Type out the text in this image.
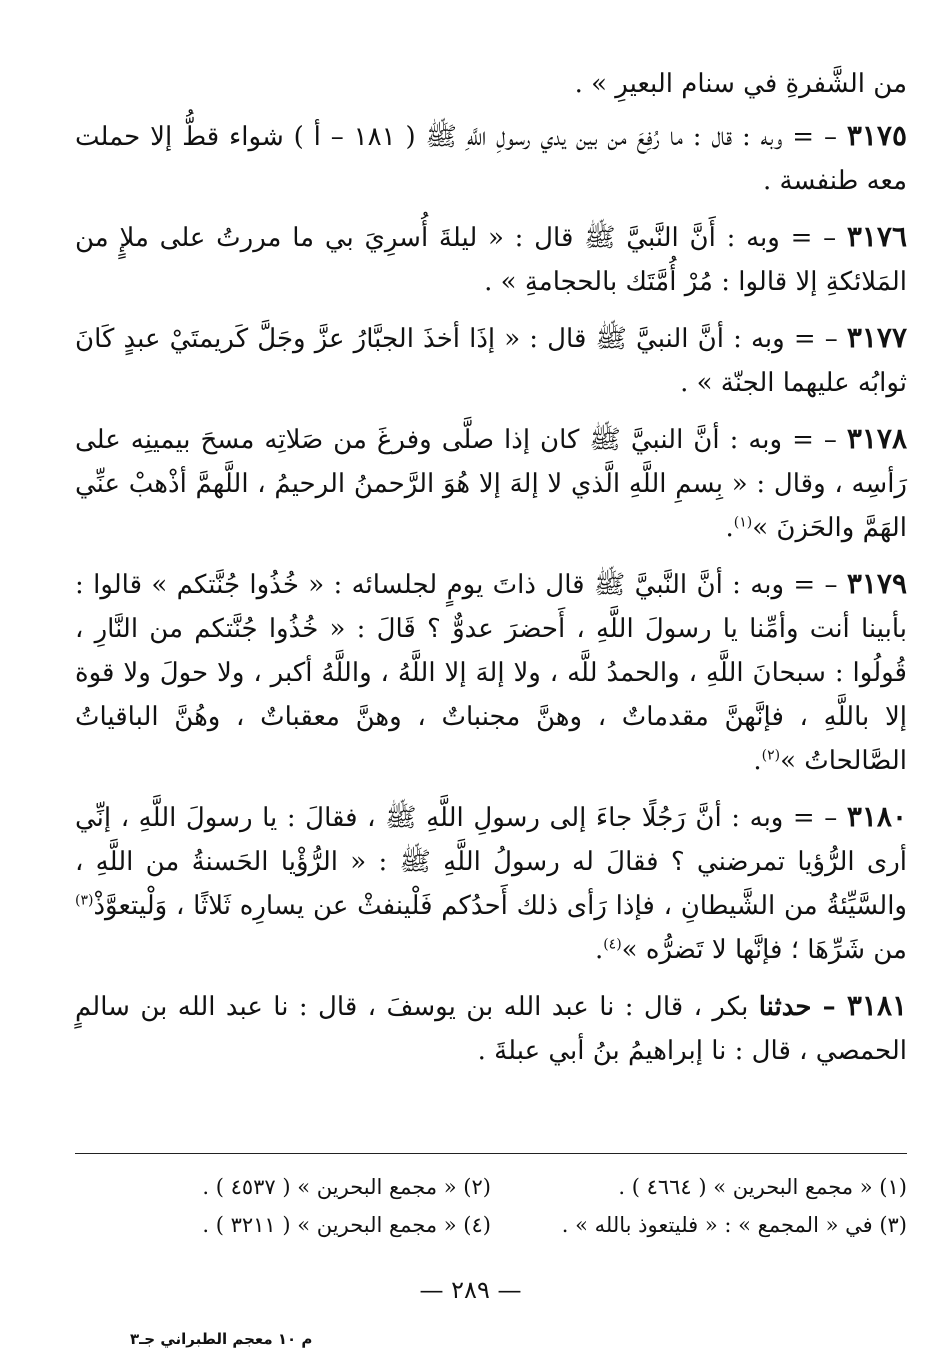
من الشَّفرةِ في سنام البعيرِ » .

٣١٧٥ – = وبه : قال : ما رُفِعَ من بين يدي رسولِ اللَّهِ ﷺ ( ١٨١ – أ ) شواء قطُّ إلا حملت معه طنفسة .

٣١٧٦ – = وبه : أَنَّ النَّبيَّ ﷺ قال : « ليلةَ أُسرِيَ بي ما مررتُ على ملإٍ من المَلائكةِ إلا قالوا : مُرْ أُمَّتَك بالحجامةِ » .

٣١٧٧ – = وبه : أنَّ النبيَّ ﷺ قال : « إذَا أخذَ الجبَّارُ عزَّ وجَلَّ كَريمتَيْ عبدٍ كَانَ ثوابُه عليهما الجنّة » .

٣١٧٨ – = وبه : أنَّ النبيَّ ﷺ كان إذا صلَّى وفرغَ من صَلاتِه مسحَ بيمينِه على رَأسِه ، وقال : « بِسمِ اللَّهِ الَّذي لا إلهَ إلا هُوَ الرَّحمنُ الرحيمُ ، اللَّهمَّ أذْهبْ عنِّي الهَمَّ والحَزنَ »$^{(١)}$.

٣١٧٩ – = وبه : أنَّ النَّبيَّ ﷺ قال ذاتَ يومٍ لجلسائه : « خُذُوا جُنَّتكم » قالوا : بأبينا أنت وأمِّنا يا رسولَ اللَّهِ ، أَحضرَ عدوٌّ ؟ قَالَ : « خُذُوا جُنَّتكم من النَّارِ ، قُولُوا : سبحانَ اللَّهِ ، والحمدُ للَّه ، ولا إلهَ إلا اللَّهُ ، واللَّهُ أكبر ، ولا حولَ ولا قوة إلا باللَّهِ ، فإنَّهنَّ مقدماتٌ ، وهنَّ مجنباتٌ ، وهنَّ معقباتٌ ، وهُنَّ الباقياتُ الصَّالحاتُ »$^{(٢)}$.

٣١٨٠ – = وبه : أنَّ رَجُلًا جاءَ إلى رسولِ اللَّهِ ﷺ ، فقالَ : يا رسولَ اللَّهِ ، إنِّي أرى الرُّؤيا تمرضني ؟ فقالَ له رسولُ اللَّهِ ﷺ : « الرُّؤْيا الحَسنةُ من اللَّهِ ، والسَّيِّئةُ من الشَّيطانِ ، فإذا رَأى ذلك أَحدُكم فَلْينفثْ عن يسارِه ثَلاثًا ، وَلْيتعوَّذْ$^{(٣)}$ من شَرِّهَا ؛ فإنَّها لا تَضرُّه »$^{(٤)}$.

٣١٨١ – حدثنا بكر ، قال : نا عبد الله بن يوسفَ ، قال : نا عبد الله بن سالمٍ الحمصي ، قال : نا إبراهيمُ بنُ أبي عبلةَ .

(١) « مجمع البحرين » ( ٤٦٦٤ ) .
(٢) « مجمع البحرين » ( ٤٥٣٧ ) .
(٣) في « المجمع » : « فليتعوذ بالله » .
(٤) « مجمع البحرين » ( ٣٢١١ ) .
— ٢٨٩ —
م ١٠ معجم الطبراني جـ٣
